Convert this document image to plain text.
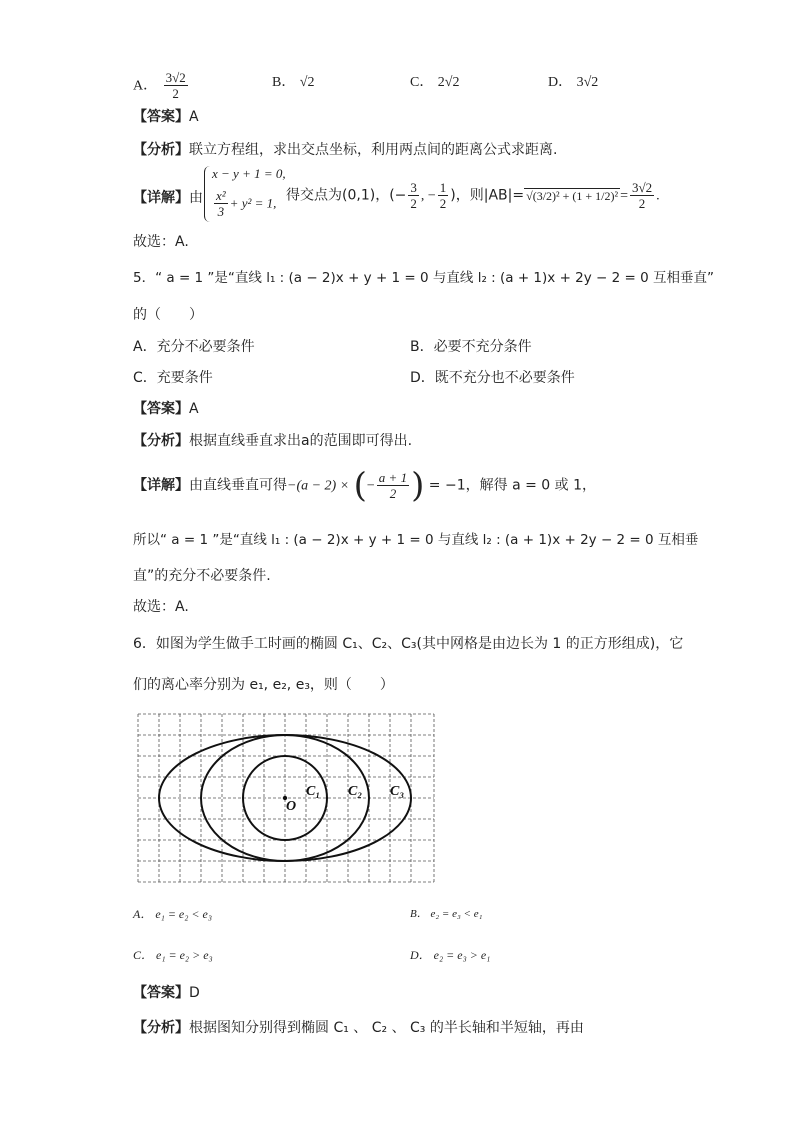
A． $\frac{3√2}{2}$	B． √2	C． 2√2	D． 3√2
【答案】A
【分析】联立方程组，求出交点坐标，利用两点间的距离公式求距离.
【详解】由
x − y + 1 = 0,
$\frac{\text{x²}}{3} + y^2 = 1$, 得交点为(0,1)，(− $\frac{3}{2}$ , − $\frac{1}{2}$ )，则$|AB|= √(3/2)^2 + (1 + 1/2)^2 = \frac{3√2}{2}$ .
故选：A.
5．“ a = 1 ”是“直线 l₁ : (a − 2)x + y + 1 = 0 与直线 l₂ : (a + 1)x + 2y − 2 = 0 互相垂直”
的（　　）
A．充分不必要条件	B．必要不充分条件
C．充要条件	D．既不充分也不必要条件
【答案】A
【分析】根据直线垂直求出a的范围即可得出.
【详解】由直线垂直可得−(a − 2) × (− $\frac{a + 1}{2}$ ) = −1，解得 a = 0 或 1，
所以“ a = 1 ”是“直线 l₁ : (a − 2)x + y + 1 = 0 与直线 l₂ : (a + 1)x + 2y − 2 = 0 互相垂
直”的充分不必要条件.
故选：A.
6．如图为学生做手工时画的椭圆 C₁、C₂、C₃(其中网格是由边长为 1 的正方形组成)，它
们的离心率分别为 e₁, e₂, e₃，则（　　）
O
C₁ C₂ C₃
A． e₁ = e₂ < e₃	B． e₂ = e₃ < e₁
C． e₁ = e₂ > e₃	D． e₂ = e₃ > e₁
【答案】D
【分析】根据图知分别得到椭圆 C₁ 、 C₂ 、 C₃ 的半长轴和半短轴，再由
